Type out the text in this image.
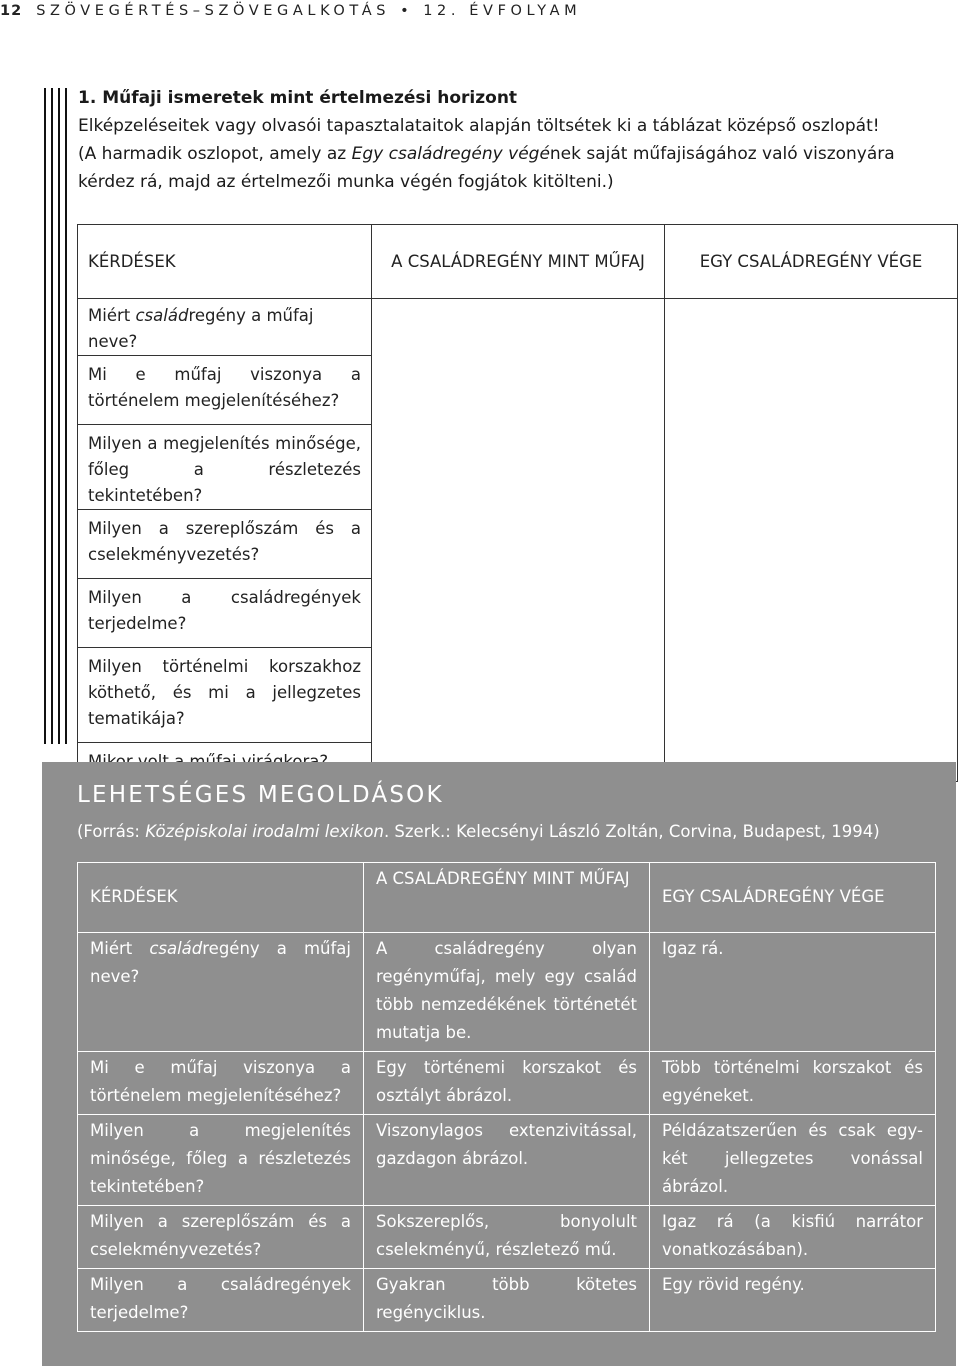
12 SZÖVEGÉRTÉS–SZÖVEGALKOTÁS • 12. ÉVFOLYAM

1. Műfaji ismeretek mint értelmezési horizont

Elképzeléseitek vagy olvasói tapasztalataitok alapján töltsétek ki a táblázat középső oszlopát!

(A harmadik oszlopot, amely az Egy családregény végének saját műfajiságához való viszonyára

kérdez rá, majd az értelmezői munka végén fogjátok kitölteni.)

KÉRDÉSEK	A CSALÁDREGÉNY MINT MŰFAJ	EGY CSALÁDREGÉNY VÉGE
Miért családregény a műfaj neve?		
Mi e műfaj viszonya a történelem megjelenítéséhez?		
Milyen a megjelenítés minősége, főleg a részletezés tekintetében?		
Milyen a szereplőszám és a cselekményvezetés?		
Milyen a családregények terjedelme?		
Milyen történelmi korszakhoz köthető, és mi a jellegzetes tematikája?		

LEHETSÉGES MEGOLDÁSOK
(Forrás: Középiskolai irodalmi lexikon. Szerk.: Kelecsényi László Zoltán, Corvina, Budapest, 1994)
KÉRDÉSEK	A CSALÁDREGÉNY MINT MŰFAJ	EGY CSALÁDREGÉNY VÉGE
Miért családregény a műfaj neve?	A családregény olyan regényműfaj, mely egy család több nemzedékének történetét mutatja be.	Igaz rá.
Mi e műfaj viszonya a történelem megjelenítéséhez?	Egy történemi korszakot és osztályt ábrázol.	Több történelmi korszakot és egyéneket.
Milyen a megjelenítés minősége, főleg a részletezés tekintetében?	Viszonylagos extenzivitással, gazdagon ábrázol.	Példázatszerűen és csak egy-két jellegzetes vonással ábrázol.
Milyen a szereplőszám és a cselekményvezetés?	Sokszereplős, bonyolult cselekményű, részletező mű.	Igaz rá (a kisfiú narrátor vonatkozásában).
Milyen a családregények terjedelme?	Gyakran több kötetes regényciklus.	Egy rövid regény.
